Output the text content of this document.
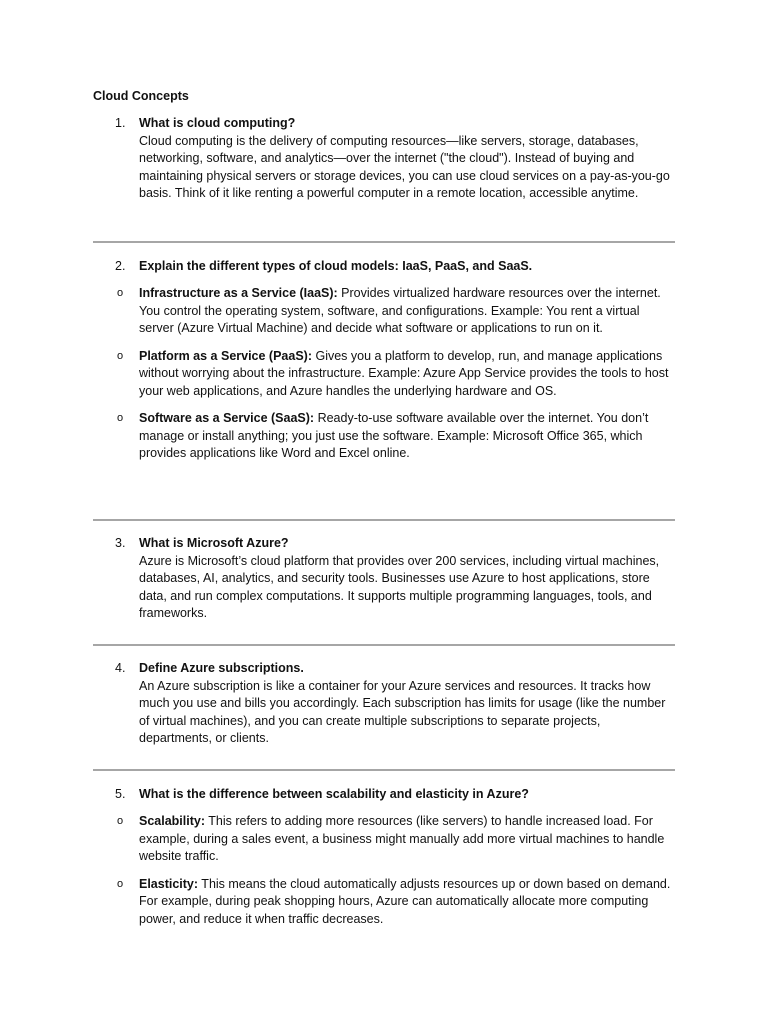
Cloud Concepts
1. What is cloud computing?
Cloud computing is the delivery of computing resources—like servers, storage, databases, networking, software, and analytics—over the internet ("the cloud"). Instead of buying and maintaining physical servers or storage devices, you can use cloud services on a pay-as-you-go basis. Think of it like renting a powerful computer in a remote location, accessible anytime.
2. Explain the different types of cloud models: IaaS, PaaS, and SaaS.
o Infrastructure as a Service (IaaS): Provides virtualized hardware resources over the internet. You control the operating system, software, and configurations. Example: You rent a virtual server (Azure Virtual Machine) and decide what software or applications to run on it.
o Platform as a Service (PaaS): Gives you a platform to develop, run, and manage applications without worrying about the infrastructure. Example: Azure App Service provides the tools to host your web applications, and Azure handles the underlying hardware and OS.
o Software as a Service (SaaS): Ready-to-use software available over the internet. You don’t manage or install anything; you just use the software. Example: Microsoft Office 365, which provides applications like Word and Excel online.
3. What is Microsoft Azure?
Azure is Microsoft’s cloud platform that provides over 200 services, including virtual machines, databases, AI, analytics, and security tools. Businesses use Azure to host applications, store data, and run complex computations. It supports multiple programming languages, tools, and frameworks.
4. Define Azure subscriptions.
An Azure subscription is like a container for your Azure services and resources. It tracks how much you use and bills you accordingly. Each subscription has limits for usage (like the number of virtual machines), and you can create multiple subscriptions to separate projects, departments, or clients.
5. What is the difference between scalability and elasticity in Azure?
o Scalability: This refers to adding more resources (like servers) to handle increased load. For example, during a sales event, a business might manually add more virtual machines to handle website traffic.
o Elasticity: This means the cloud automatically adjusts resources up or down based on demand. For example, during peak shopping hours, Azure can automatically allocate more computing power, and reduce it when traffic decreases.
